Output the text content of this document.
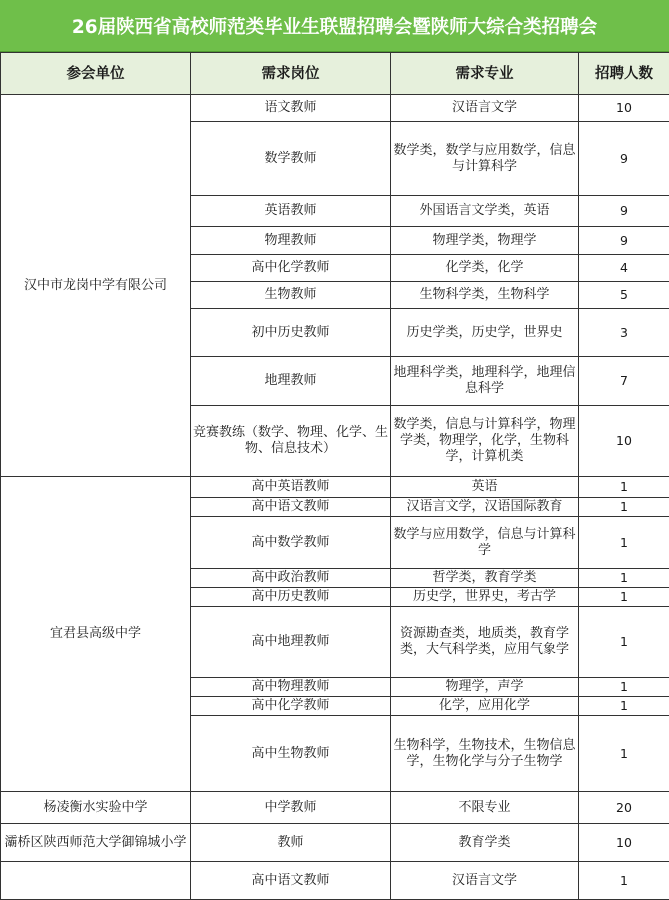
26届陕西省高校师范类毕业生联盟招聘会暨陕师大综合类招聘会
参会单位	需求岗位	需求专业	招聘人数
汉中市龙岗中学有限公司	语文教师	汉语言文学	10
	数学教师	数学类，数学与应用数学，信息与计算科学	9
	英语教师	外国语言文学类，英语	9
	物理教师	物理学类，物理学	9
	高中化学教师	化学类，化学	4
	生物教师	生物科学类，生物科学	5
	初中历史教师	历史学类，历史学，世界史	3
	地理教师	地理科学类，地理科学，地理信息科学	7
	竞赛教练（数学、物理、化学、生物、信息技术）	数学类，信息与计算科学，物理学类，物理学，化学，生物科学，计算机类	10
宜君县高级中学	高中英语教师	英语	1
	高中语文教师	汉语言文学，汉语国际教育	1
	高中数学教师	数学与应用数学，信息与计算科学	1
	高中政治教师	哲学类，教育学类	1
	高中历史教师	历史学，世界史，考古学	1
	高中地理教师	资源勘查类，地质类，教育学类，大气科学类，应用气象学	1
	高中物理教师	物理学，声学	1
	高中化学教师	化学，应用化学	1
	高中生物教师	生物科学，生物技术，生物信息学，生物化学与分子生物学	1
杨凌衡水实验中学	中学教师	不限专业	20
灞桥区陕西师范大学御锦城小学	教师	教育学类	10
	高中语文教师	汉语言文学	1
